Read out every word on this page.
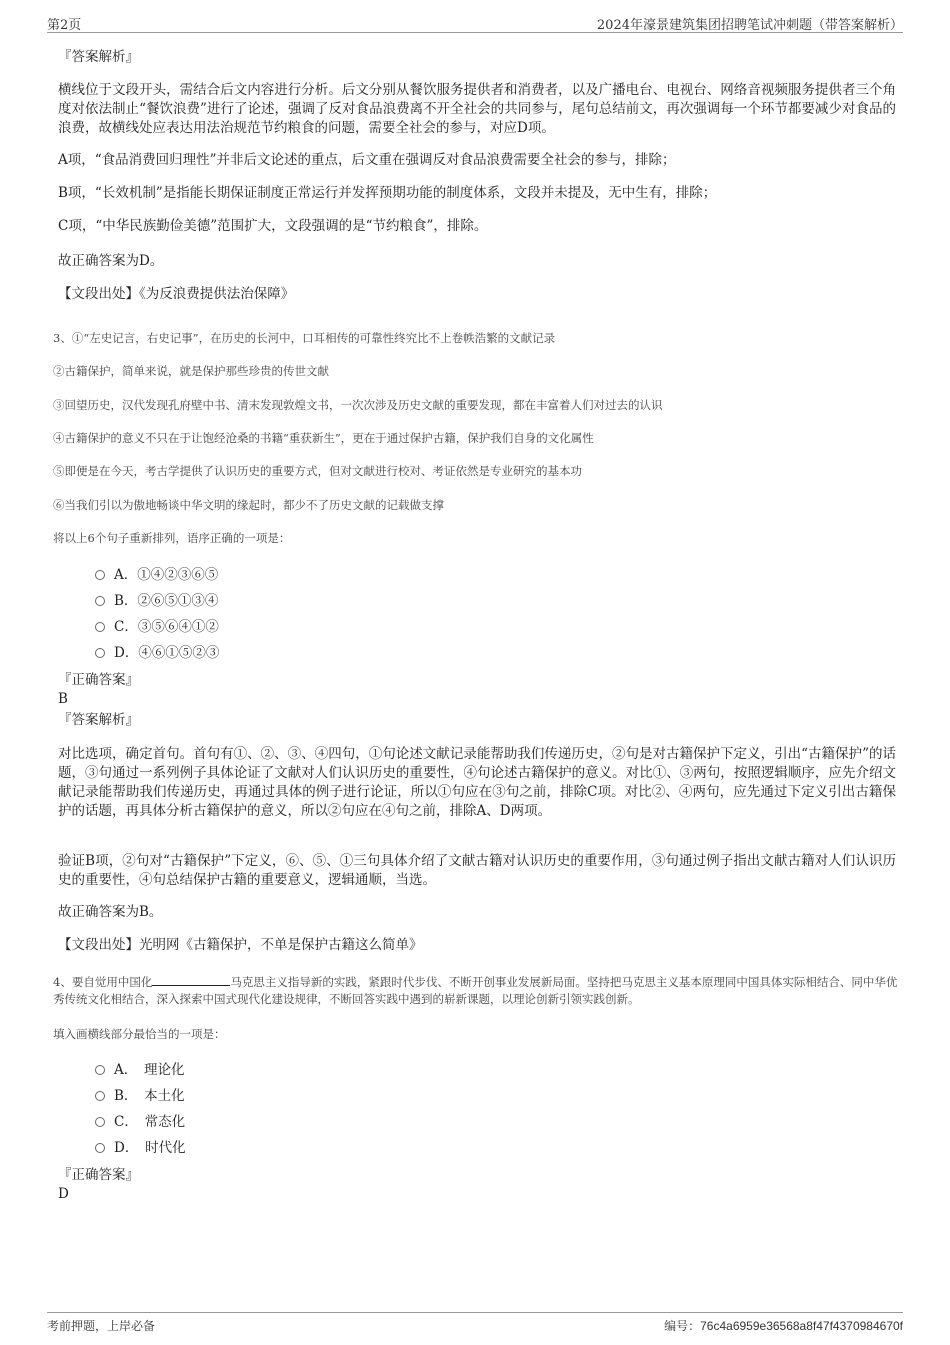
第2页	2024年濠景建筑集团招聘笔试冲刺题（带答案解析）
『答案解析』
横线位于文段开头，需结合后文内容进行分析。后文分别从餐饮服务提供者和消费者，以及广播电台、电视台、网络音视频服务提供者三个角度对依法制止“餐饮浪费”进行了论述，强调了反对食品浪费离不开全社会的共同参与，尾句总结前文，再次强调每一个环节都要减少对食品的浪费，故横线处应表达用法治规范节约粮食的问题，需要全社会的参与，对应D项。
A项，“食品消费回归理性”并非后文论述的重点，后文重在强调反对食品浪费需要全社会的参与，排除；
B项，“长效机制”是指能长期保证制度正常运行并发挥预期功能的制度体系，文段并未提及，无中生有，排除；
C项，“中华民族勤俭美德”范围扩大，文段强调的是“节约粮食”，排除。
故正确答案为D。
【文段出处】《为反浪费提供法治保障》
3、①“左史记言，右史记事”，在历史的长河中，口耳相传的可靠性终究比不上卷帙浩繁的文献记录
②古籍保护，简单来说，就是保护那些珍贵的传世文献
③回望历史，汉代发现孔府壁中书、清末发现敦煌文书，一次次涉及历史文献的重要发现，都在丰富着人们对过去的认识
④古籍保护的意义不只在于让饱经沧桑的书籍“重获新生”，更在于通过保护古籍，保护我们自身的文化属性
⑤即便是在今天，考古学提供了认识历史的重要方式，但对文献进行校对、考证依然是专业研究的基本功
⑥当我们引以为傲地畅谈中华文明的缘起时，都少不了历史文献的记载做支撑
将以上6个句子重新排列，语序正确的一项是：
A．①④②③⑥⑤
B．②⑥⑤①③④
C．③⑤⑥④①②
D．④⑥①⑤②③
『正确答案』
B
『答案解析』
对比选项，确定首句。首句有①、②、③、④四句，①句论述文献记录能帮助我们传递历史，②句是对古籍保护下定义，引出“古籍保护”的话题，③句通过一系列例子具体论证了文献对人们认识历史的重要性，④句论述古籍保护的意义。对比①、③两句，按照逻辑顺序，应先介绍文献记录能帮助我们传递历史，再通过具体的例子进行论证，所以①句应在③句之前，排除C项。对比②、④两句，应先通过下定义引出古籍保护的话题，再具体分析古籍保护的意义，所以②句应在④句之前，排除A、D两项。
验证B项，②句对“古籍保护”下定义，⑥、⑤、①三句具体介绍了文献古籍对认识历史的重要作用，③句通过例子指出文献古籍对人们认识历史的重要性，④句总结保护古籍的重要意义，逻辑通顺，当选。
故正确答案为B。
【文段出处】光明网《古籍保护，不单是保护古籍这么简单》
4、要自觉用中国化	马克思主义指导新的实践，紧跟时代步伐、不断开创事业发展新局面。坚持把马克思主义基本原理同中国具体实际相结合、同中华优秀传统文化相结合，深入探索中国式现代化建设规律，不断回答实践中遇到的崭新课题，以理论创新引领实践创新。
填入画横线部分最恰当的一项是：
A．　理论化
B．　本土化
C．　常态化
D．　时代化
『正确答案』
D
考前押题，上岸必备	编号：76c4a6959e36568a8f47f4370984670f
